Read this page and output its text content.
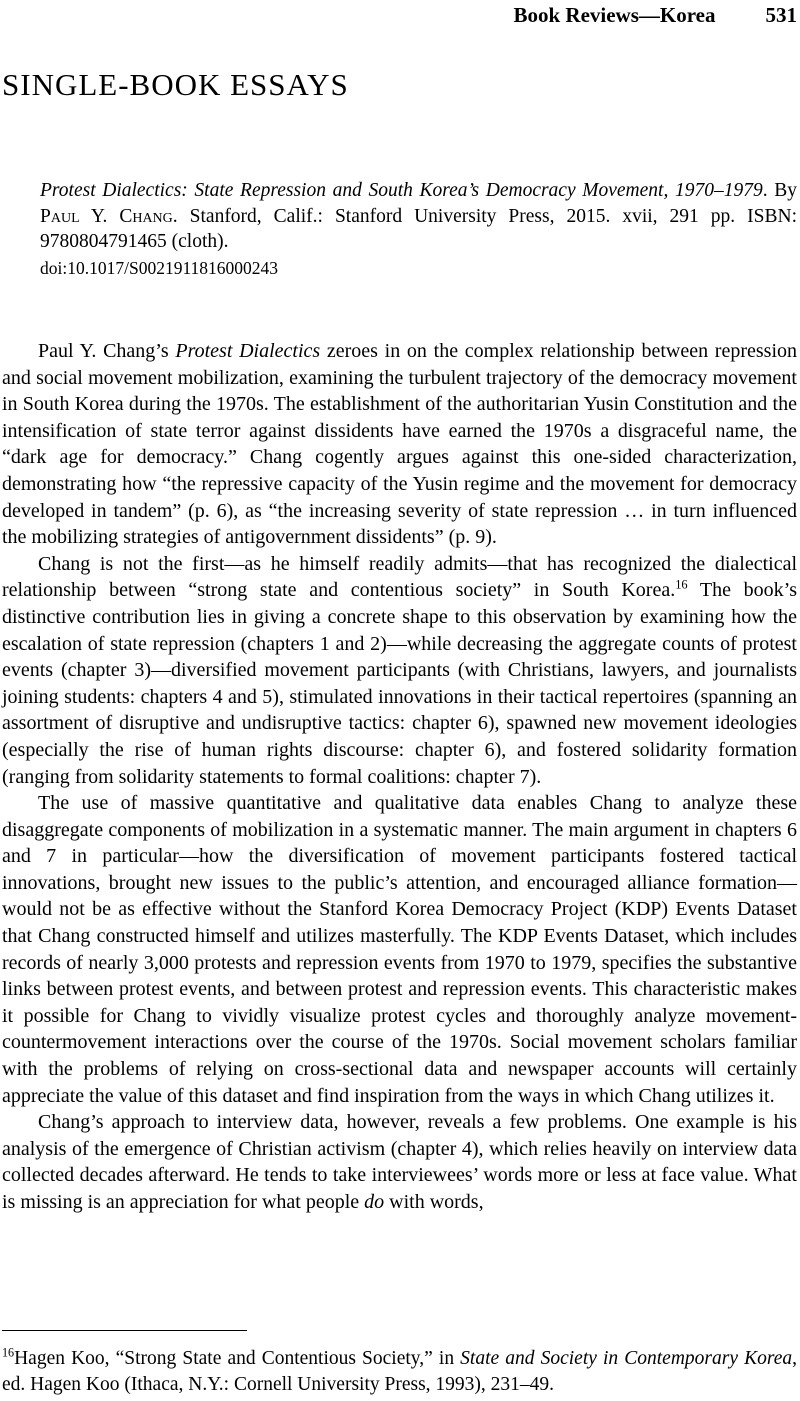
Book Reviews—Korea 531
SINGLE-BOOK ESSAYS

Protest Dialectics: State Repression and South Korea’s Democracy Movement, 1970–1979. By Paul Y. Chang. Stanford, Calif.: Stanford University Press, 2015. xvii, 291 pp. ISBN: 9780804791465 (cloth).

doi:10.1017/S0021911816000243

Paul Y. Chang’s Protest Dialectics zeroes in on the complex relationship between repression and social movement mobilization, examining the turbulent trajectory of the democracy movement in South Korea during the 1970s. The establishment of the authoritarian Yusin Constitution and the intensification of state terror against dissidents have earned the 1970s a disgraceful name, the “dark age for democracy.” Chang cogently argues against this one-sided characterization, demonstrating how “the repressive capacity of the Yusin regime and the movement for democracy developed in tandem” (p. 6), as “the increasing severity of state repression … in turn influenced the mobilizing strategies of antigovernment dissidents” (p. 9).

Chang is not the first—as he himself readily admits—that has recognized the dialectical relationship between “strong state and contentious society” in South Korea.$^{16}$ The book’s distinctive contribution lies in giving a concrete shape to this observation by examining how the escalation of state repression (chapters 1 and 2)—while decreasing the aggregate counts of protest events (chapter 3)—diversified movement participants (with Christians, lawyers, and journalists joining students: chapters 4 and 5), stimulated innovations in their tactical repertoires (spanning an assortment of disruptive and undisruptive tactics: chapter 6), spawned new movement ideologies (especially the rise of human rights discourse: chapter 6), and fostered solidarity formation (ranging from solidarity statements to formal coalitions: chapter 7).

The use of massive quantitative and qualitative data enables Chang to analyze these disaggregate components of mobilization in a systematic manner. The main argument in chapters 6 and 7 in particular—how the diversification of movement participants fostered tactical innovations, brought new issues to the public’s attention, and encouraged alliance formation—would not be as effective without the Stanford Korea Democracy Project (KDP) Events Dataset that Chang constructed himself and utilizes masterfully. The KDP Events Dataset, which includes records of nearly 3,000 protests and repression events from 1970 to 1979, specifies the substantive links between protest events, and between protest and repression events. This characteristic makes it possible for Chang to vividly visualize protest cycles and thoroughly analyze movement-countermovement interactions over the course of the 1970s. Social movement scholars familiar with the problems of relying on cross-sectional data and newspaper accounts will certainly appreciate the value of this dataset and find inspiration from the ways in which Chang utilizes it.

Chang’s approach to interview data, however, reveals a few problems. One example is his analysis of the emergence of Christian activism (chapter 4), which relies heavily on interview data collected decades afterward. He tends to take interviewees’ words more or less at face value. What is missing is an appreciation for what people do with words,

$^{16}$Hagen Koo, “Strong State and Contentious Society,” in State and Society in Contemporary Korea, ed. Hagen Koo (Ithaca, N.Y.: Cornell University Press, 1993), 231–49.
